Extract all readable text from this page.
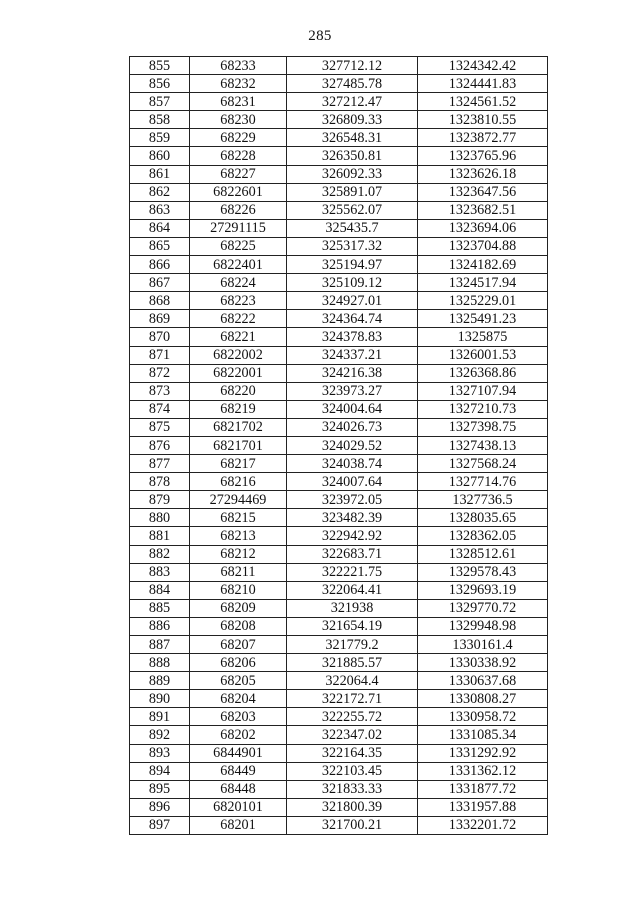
285
855	68233	327712.12	1324342.42
856	68232	327485.78	1324441.83
857	68231	327212.47	1324561.52
858	68230	326809.33	1323810.55
859	68229	326548.31	1323872.77
860	68228	326350.81	1323765.96
861	68227	326092.33	1323626.18
862	6822601	325891.07	1323647.56
863	68226	325562.07	1323682.51
864	27291115	325435.7	1323694.06
865	68225	325317.32	1323704.88
866	6822401	325194.97	1324182.69
867	68224	325109.12	1324517.94
868	68223	324927.01	1325229.01
869	68222	324364.74	1325491.23
870	68221	324378.83	1325875
871	6822002	324337.21	1326001.53
872	6822001	324216.38	1326368.86
873	68220	323973.27	1327107.94
874	68219	324004.64	1327210.73
875	6821702	324026.73	1327398.75
876	6821701	324029.52	1327438.13
877	68217	324038.74	1327568.24
878	68216	324007.64	1327714.76
879	27294469	323972.05	1327736.5
880	68215	323482.39	1328035.65
881	68213	322942.92	1328362.05
882	68212	322683.71	1328512.61
883	68211	322221.75	1329578.43
884	68210	322064.41	1329693.19
885	68209	321938	1329770.72
886	68208	321654.19	1329948.98
887	68207	321779.2	1330161.4
888	68206	321885.57	1330338.92
889	68205	322064.4	1330637.68
890	68204	322172.71	1330808.27
891	68203	322255.72	1330958.72
892	68202	322347.02	1331085.34
893	6844901	322164.35	1331292.92
894	68449	322103.45	1331362.12
895	68448	321833.33	1331877.72
896	6820101	321800.39	1331957.88
897	68201	321700.21	1332201.72
